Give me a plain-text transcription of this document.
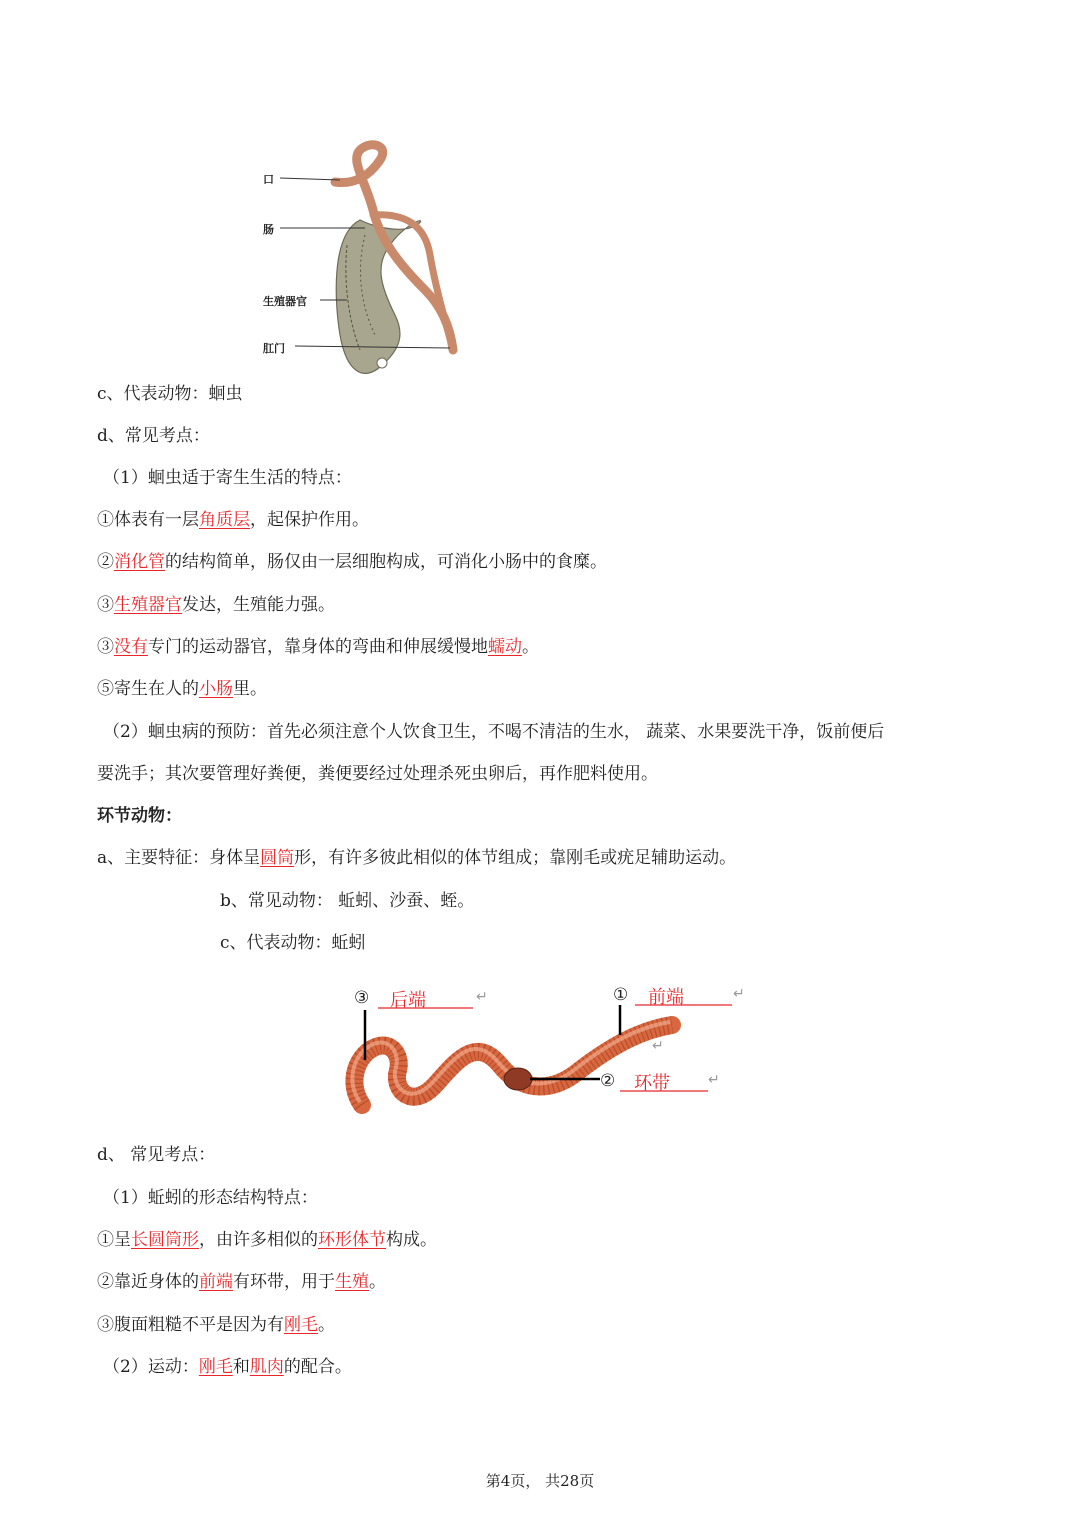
口
肠
生殖器官
肛门
c、代表动物：蛔虫
d、常见考点：
（1）蛔虫适于寄生生活的特点：
①体表有一层角质层，起保护作用。
②消化管的结构简单，肠仅由一层细胞构成，可消化小肠中的食糜。
③生殖器官发达，生殖能力强。
③没有专门的运动器官，靠身体的弯曲和伸展缓慢地蠕动。
⑤寄生在人的小肠里。
（2）蛔虫病的预防：首先必须注意个人饮食卫生，不喝不清洁的生水， 蔬菜、水果要洗干净，饭前便后
要洗手；其次要管理好粪便，粪便要经过处理杀死虫卵后，再作肥料使用。
环节动物：
a、主要特征：身体呈圆筒形，有许多彼此相似的体节组成；靠刚毛或疣足辅助运动。
b、常见动物： 蚯蚓、沙蚕、蛭。
c、代表动物：蚯蚓
③ 后端	↵	① 前端	↵
↵
② 环带	↵
d、 常见考点：
（1）蚯蚓的形态结构特点：
①呈长圆筒形，由许多相似的环形体节构成。
②靠近身体的前端有环带，用于生殖。
③腹面粗糙不平是因为有刚毛。
（2）运动：刚毛和肌肉的配合。
第4页， 共28页
